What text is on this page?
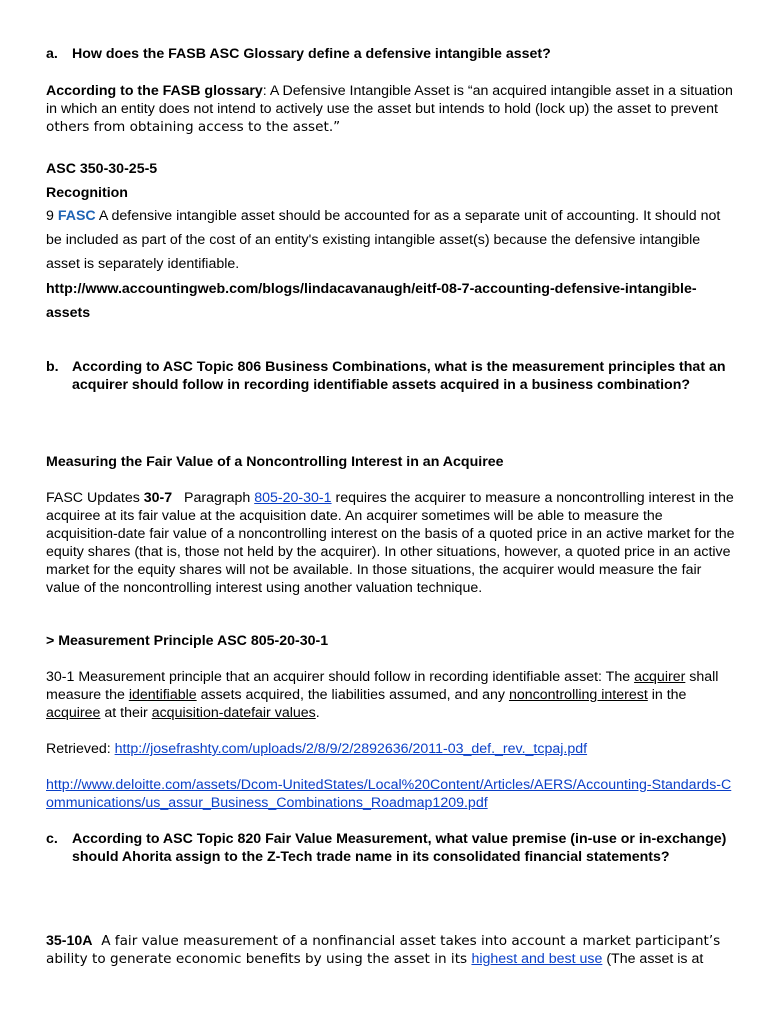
a. How does the FASB ASC Glossary define a defensive intangible asset?

According to the FASB glossary: A Defensive Intangible Asset is “an acquired intangible asset in a situation in which an entity does not intend to actively use the asset but intends to hold (lock up) the asset to prevent others from obtaining access to the asset.”

ASC 350-30-25-5
Recognition

9 FASC A defensive intangible asset should be accounted for as a separate unit of accounting. It should not be included as part of the cost of an entity's existing intangible asset(s) because the defensive intangible asset is separately identifiable.

http://www.accountingweb.com/blogs/lindacavanaugh/eitf-08-7-accounting-defensive-intangible-assets

b. According to ASC Topic 806 Business Combinations, what is the measurement principles that an acquirer should follow in recording identifiable assets acquired in a business combination?
Measuring the Fair Value of a Noncontrolling Interest in an Acquiree

FASC Updates 30-7   Paragraph 805-20-30-1 requires the acquirer to measure a noncontrolling interest in the acquiree at its fair value at the acquisition date. An acquirer sometimes will be able to measure the acquisition-date fair value of a noncontrolling interest on the basis of a quoted price in an active market for the equity shares (that is, those not held by the acquirer). In other situations, however, a quoted price in an active market for the equity shares will not be available. In those situations, the acquirer would measure the fair value of the noncontrolling interest using another valuation technique.

> Measurement Principle ASC 805-20-30-1

30-1 Measurement principle that an acquirer should follow in recording identifiable asset: The acquirer shall measure the identifiable assets acquired, the liabilities assumed, and any noncontrolling interest in the acquiree at their acquisition-datefair values.

Retrieved: http://josefrashty.com/uploads/2/8/9/2/2892636/2011-03_def._rev._tcpaj.pdf

http://www.deloitte.com/assets/Dcom-UnitedStates/Local%20Content/Articles/AERS/Accounting-Standards-Communications/us_assur_Business_Combinations_Roadmap1209.pdf

c. According to ASC Topic 820 Fair Value Measurement, what value premise (in-use or in-exchange) should Ahorita assign to the Z-Tech trade name in its consolidated financial statements?

35-10A  A fair value measurement of a nonfinancial asset takes into account a market participant’s ability to generate economic benefits by using the asset in its highest and best use (The asset is at
